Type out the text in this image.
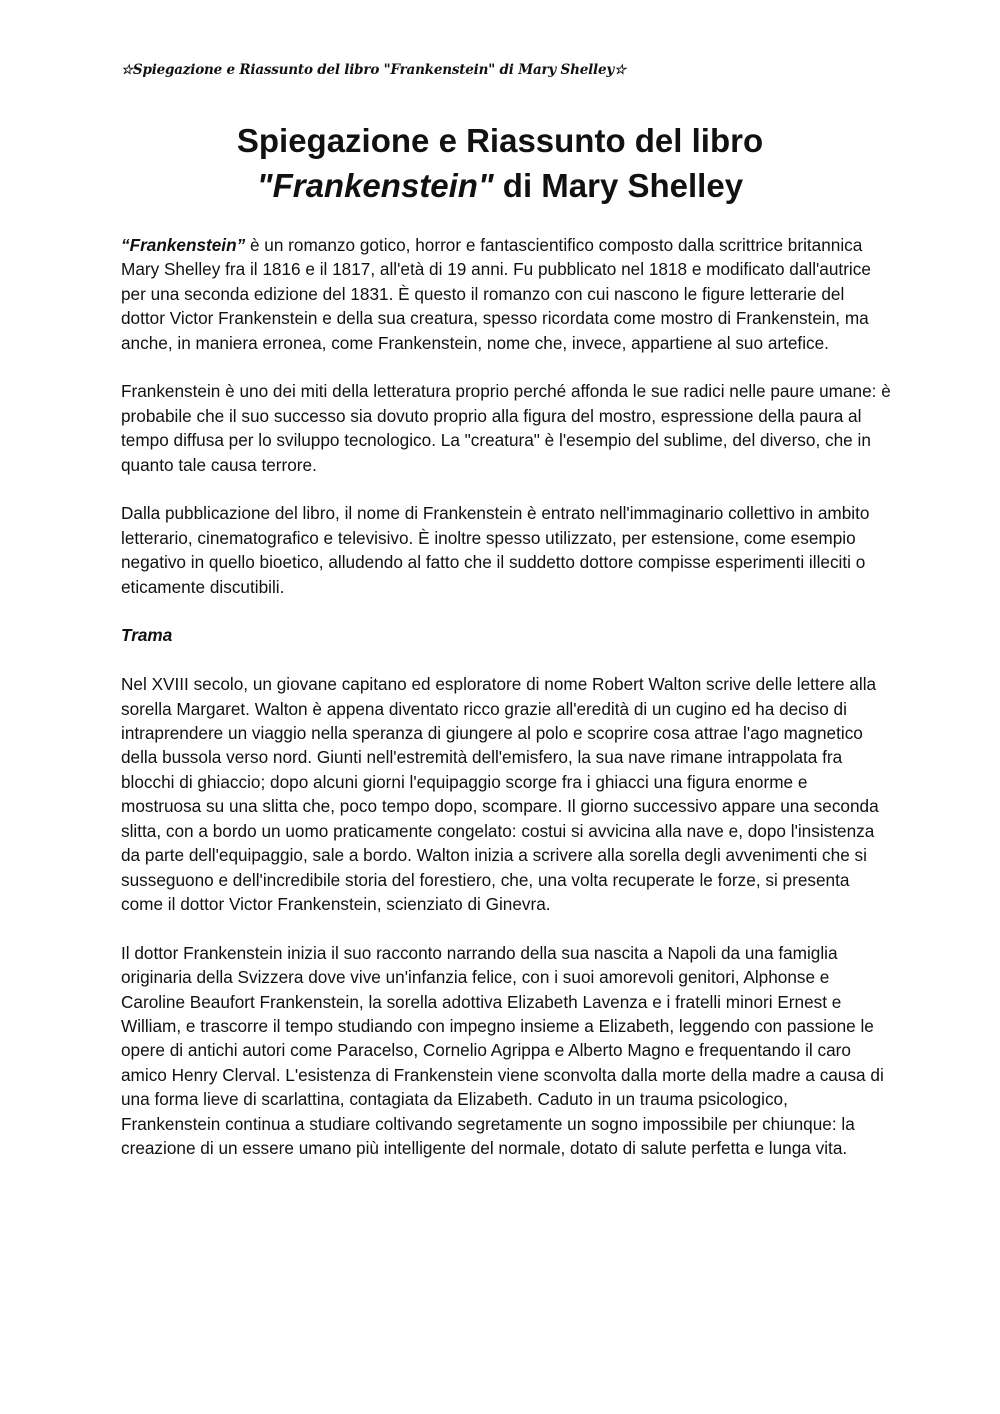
☆Spiegazione e Riassunto del libro "Frankenstein" di Mary Shelley☆
Spiegazione e Riassunto del libro
"Frankenstein" di Mary Shelley

“Frankenstein” è un romanzo gotico, horror e fantascientifico composto dalla scrittrice britannica Mary Shelley fra il 1816 e il 1817, all'età di 19 anni. Fu pubblicato nel 1818 e modificato dall'autrice per una seconda edizione del 1831. È questo il romanzo con cui nascono le figure letterarie del dottor Victor Frankenstein e della sua creatura, spesso ricordata come mostro di Frankenstein, ma anche, in maniera erronea, come Frankenstein, nome che, invece, appartiene al suo artefice.

Frankenstein è uno dei miti della letteratura proprio perché affonda le sue radici nelle paure umane: è probabile che il suo successo sia dovuto proprio alla figura del mostro, espressione della paura al tempo diffusa per lo sviluppo tecnologico. La "creatura" è l'esempio del sublime, del diverso, che in quanto tale causa terrore.

Dalla pubblicazione del libro, il nome di Frankenstein è entrato nell'immaginario collettivo in ambito letterario, cinematografico e televisivo. È inoltre spesso utilizzato, per estensione, come esempio negativo in quello bioetico, alludendo al fatto che il suddetto dottore compisse esperimenti illeciti o eticamente discutibili.

Trama

Nel XVIII secolo, un giovane capitano ed esploratore di nome Robert Walton scrive delle lettere alla sorella Margaret. Walton è appena diventato ricco grazie all'eredità di un cugino ed ha deciso di intraprendere un viaggio nella speranza di giungere al polo e scoprire cosa attrae l'ago magnetico della bussola verso nord. Giunti nell'estremità dell'emisfero, la sua nave rimane intrappolata fra blocchi di ghiaccio; dopo alcuni giorni l'equipaggio scorge fra i ghiacci una figura enorme e mostruosa su una slitta che, poco tempo dopo, scompare. Il giorno successivo appare una seconda slitta, con a bordo un uomo praticamente congelato: costui si avvicina alla nave e, dopo l'insistenza da parte dell'equipaggio, sale a bordo. Walton inizia a scrivere alla sorella degli avvenimenti che si susseguono e dell'incredibile storia del forestiero, che, una volta recuperate le forze, si presenta come il dottor Victor Frankenstein, scienziato di Ginevra.

Il dottor Frankenstein inizia il suo racconto narrando della sua nascita a Napoli da una famiglia originaria della Svizzera dove vive un'infanzia felice, con i suoi amorevoli genitori, Alphonse e Caroline Beaufort Frankenstein, la sorella adottiva Elizabeth Lavenza e i fratelli minori Ernest e William, e trascorre il tempo studiando con impegno insieme a Elizabeth, leggendo con passione le opere di antichi autori come Paracelso, Cornelio Agrippa e Alberto Magno e frequentando il caro amico Henry Clerval. L'esistenza di Frankenstein viene sconvolta dalla morte della madre a causa di una forma lieve di scarlattina, contagiata da Elizabeth. Caduto in un trauma psicologico, Frankenstein continua a studiare coltivando segretamente un sogno impossibile per chiunque: la creazione di un essere umano più intelligente del normale, dotato di salute perfetta e lunga vita.
